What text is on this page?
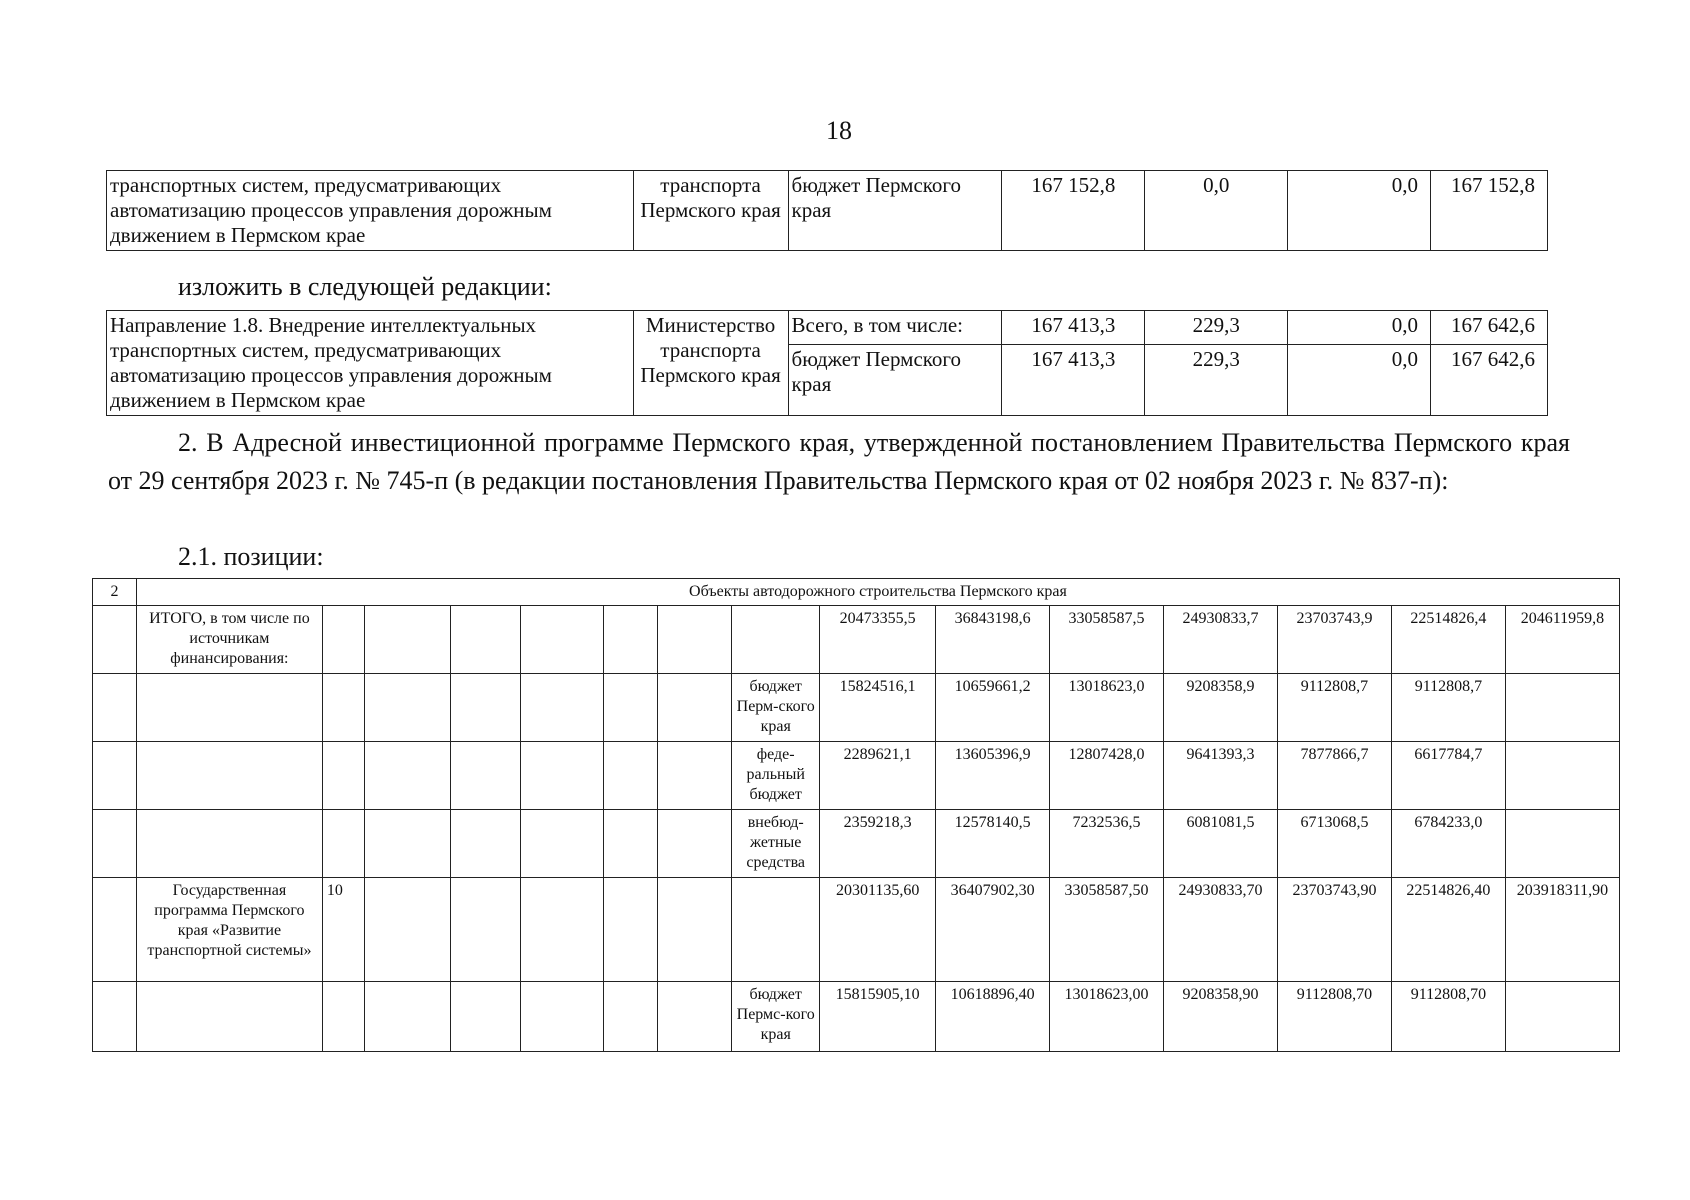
18
транспортных систем, предусматривающих автоматизацию процессов управления дорожным движением в Пермском крае	транспорта Пермского края	бюджет Пермского края	167 152,8	0,0	0,0	167 152,8
изложить в следующей редакции:
Направление 1.8. Внедрение интеллектуальных транспортных систем, предусматривающих автоматизацию процессов управления дорожным движением в Пермском крае	Министерство транспорта Пермского края	Всего, в том числе:	167 413,3	229,3	0,0	167 642,6
		бюджет Пермского края	167 413,3	229,3	0,0	167 642,6
2. В Адресной инвестиционной программе Пермского края, утвержденной постановлением Правительства Пермского края от 29 сентября 2023 г. № 745-п (в редакции постановления Правительства Пермского края от 02 ноября 2023 г. № 837-п):
2.1. позиции:
2	Объекты автодорожного строительства Пермского края														
	ИТОГО, в том числе по источникам финансирования:								20473355,5	36843198,6	33058587,5	24930833,7	23703743,9	22514826,4	204611959,8
								бюджет Перм-ского края	15824516,1	10659661,2	13018623,0	9208358,9	9112808,7	9112808,7	
								феде-ральный бюджет	2289621,1	13605396,9	12807428,0	9641393,3	7877866,7	6617784,7	
								внебюд-жетные средства	2359218,3	12578140,5	7232536,5	6081081,5	6713068,5	6784233,0	
	Государственная программа Пермского края «Развитие транспортной системы»	10							20301135,60	36407902,30	33058587,50	24930833,70	23703743,90	22514826,40	203918311,90
								бюджет Пермс-кого края	15815905,10	10618896,40	13018623,00	9208358,90	9112808,70	9112808,70	
